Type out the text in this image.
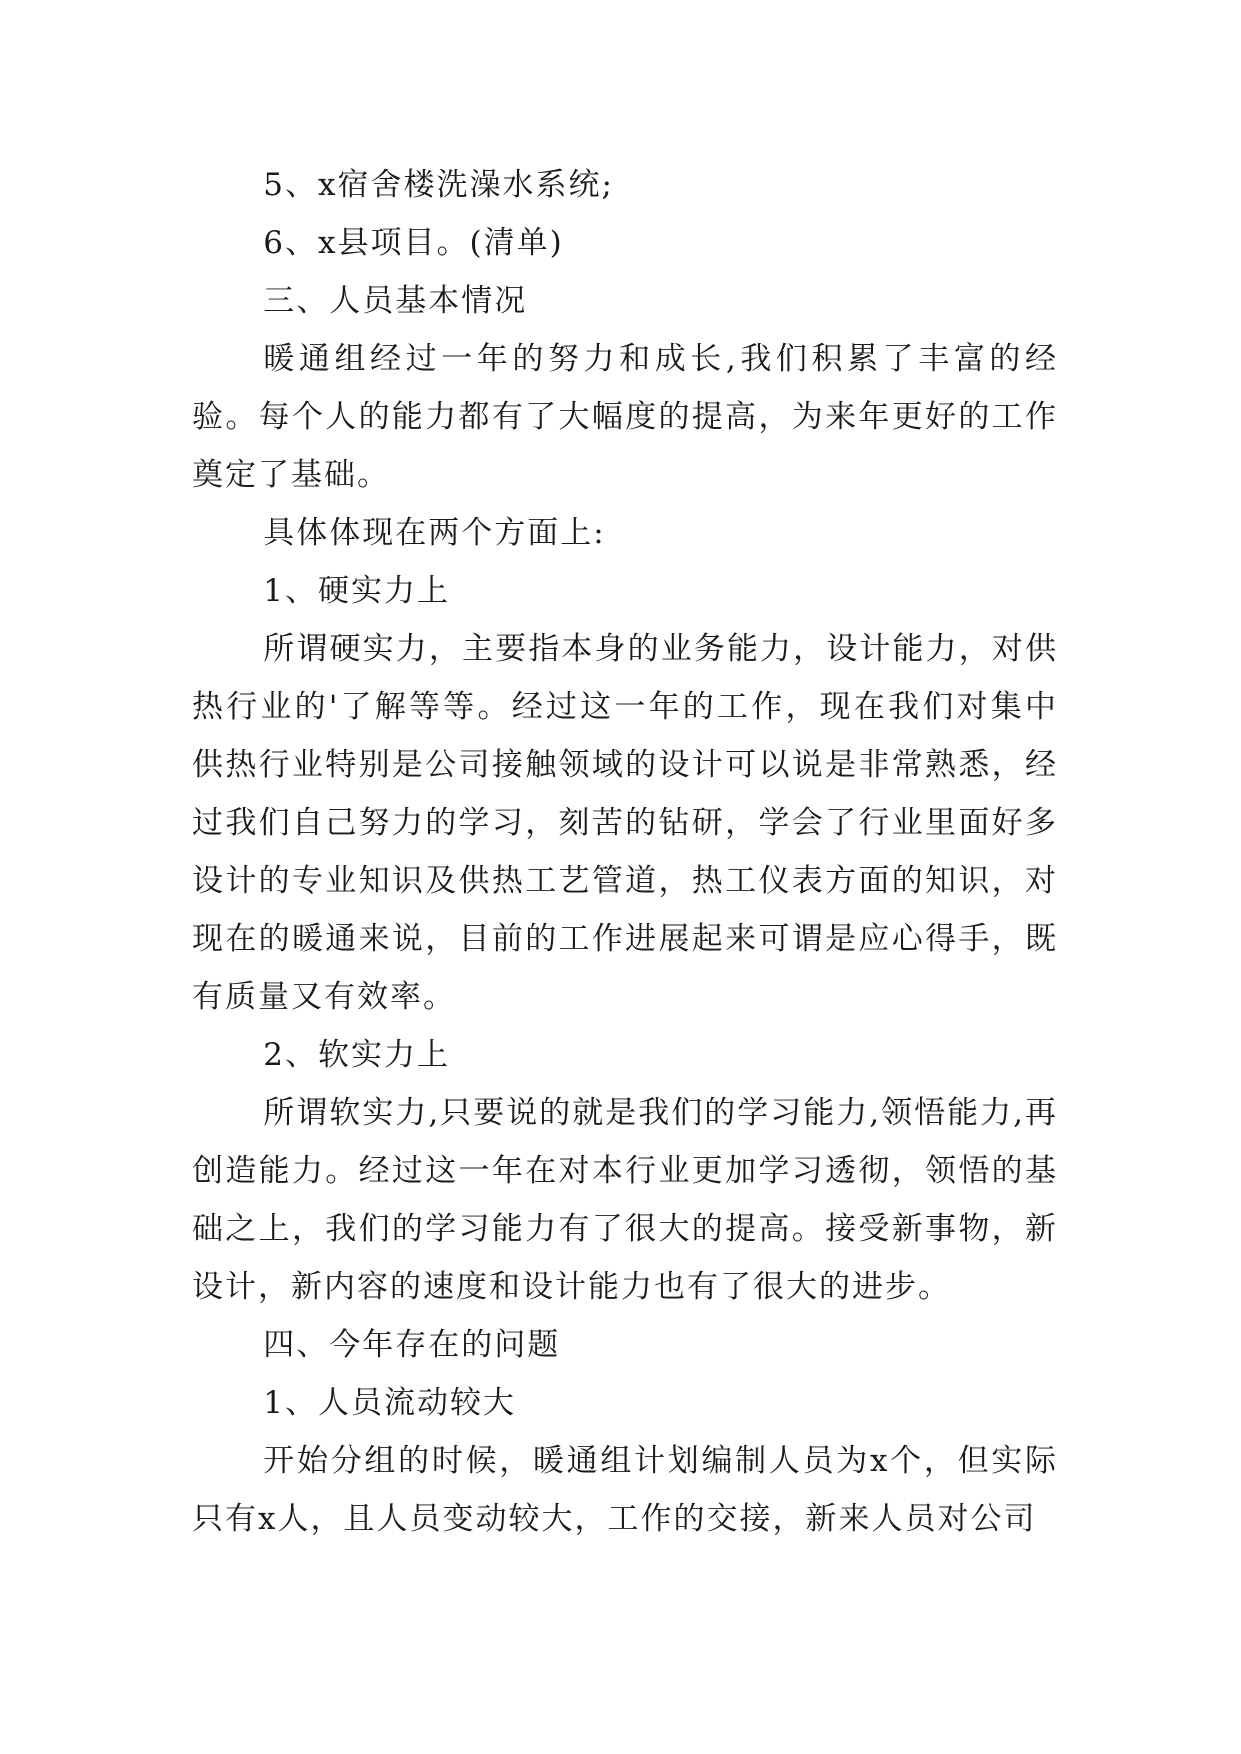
5、x宿舍楼洗澡水系统;

6、x县项目。(清单)

三、人员基本情况

暖通组经过一年的努力和成长,我们积累了丰富的经验。每个人的能力都有了大幅度的提高，为来年更好的工作奠定了基础。

具体体现在两个方面上:

1、硬实力上

所谓硬实力，主要指本身的业务能力，设计能力，对供热行业的'了解等等。经过这一年的工作，现在我们对集中供热行业特别是公司接触领域的设计可以说是非常熟悉，经过我们自己努力的学习，刻苦的钻研，学会了行业里面好多设计的专业知识及供热工艺管道，热工仪表方面的知识，对现在的暖通来说，目前的工作进展起来可谓是应心得手，既有质量又有效率。

2、软实力上

所谓软实力,只要说的就是我们的学习能力,领悟能力,再创造能力。经过这一年在对本行业更加学习透彻，领悟的基础之上，我们的学习能力有了很大的提高。接受新事物，新设计，新内容的速度和设计能力也有了很大的进步。

四、今年存在的问题

1、人员流动较大

开始分组的时候，暖通组计划编制人员为x个，但实际只有x人，且人员变动较大，工作的交接，新来人员对公司
